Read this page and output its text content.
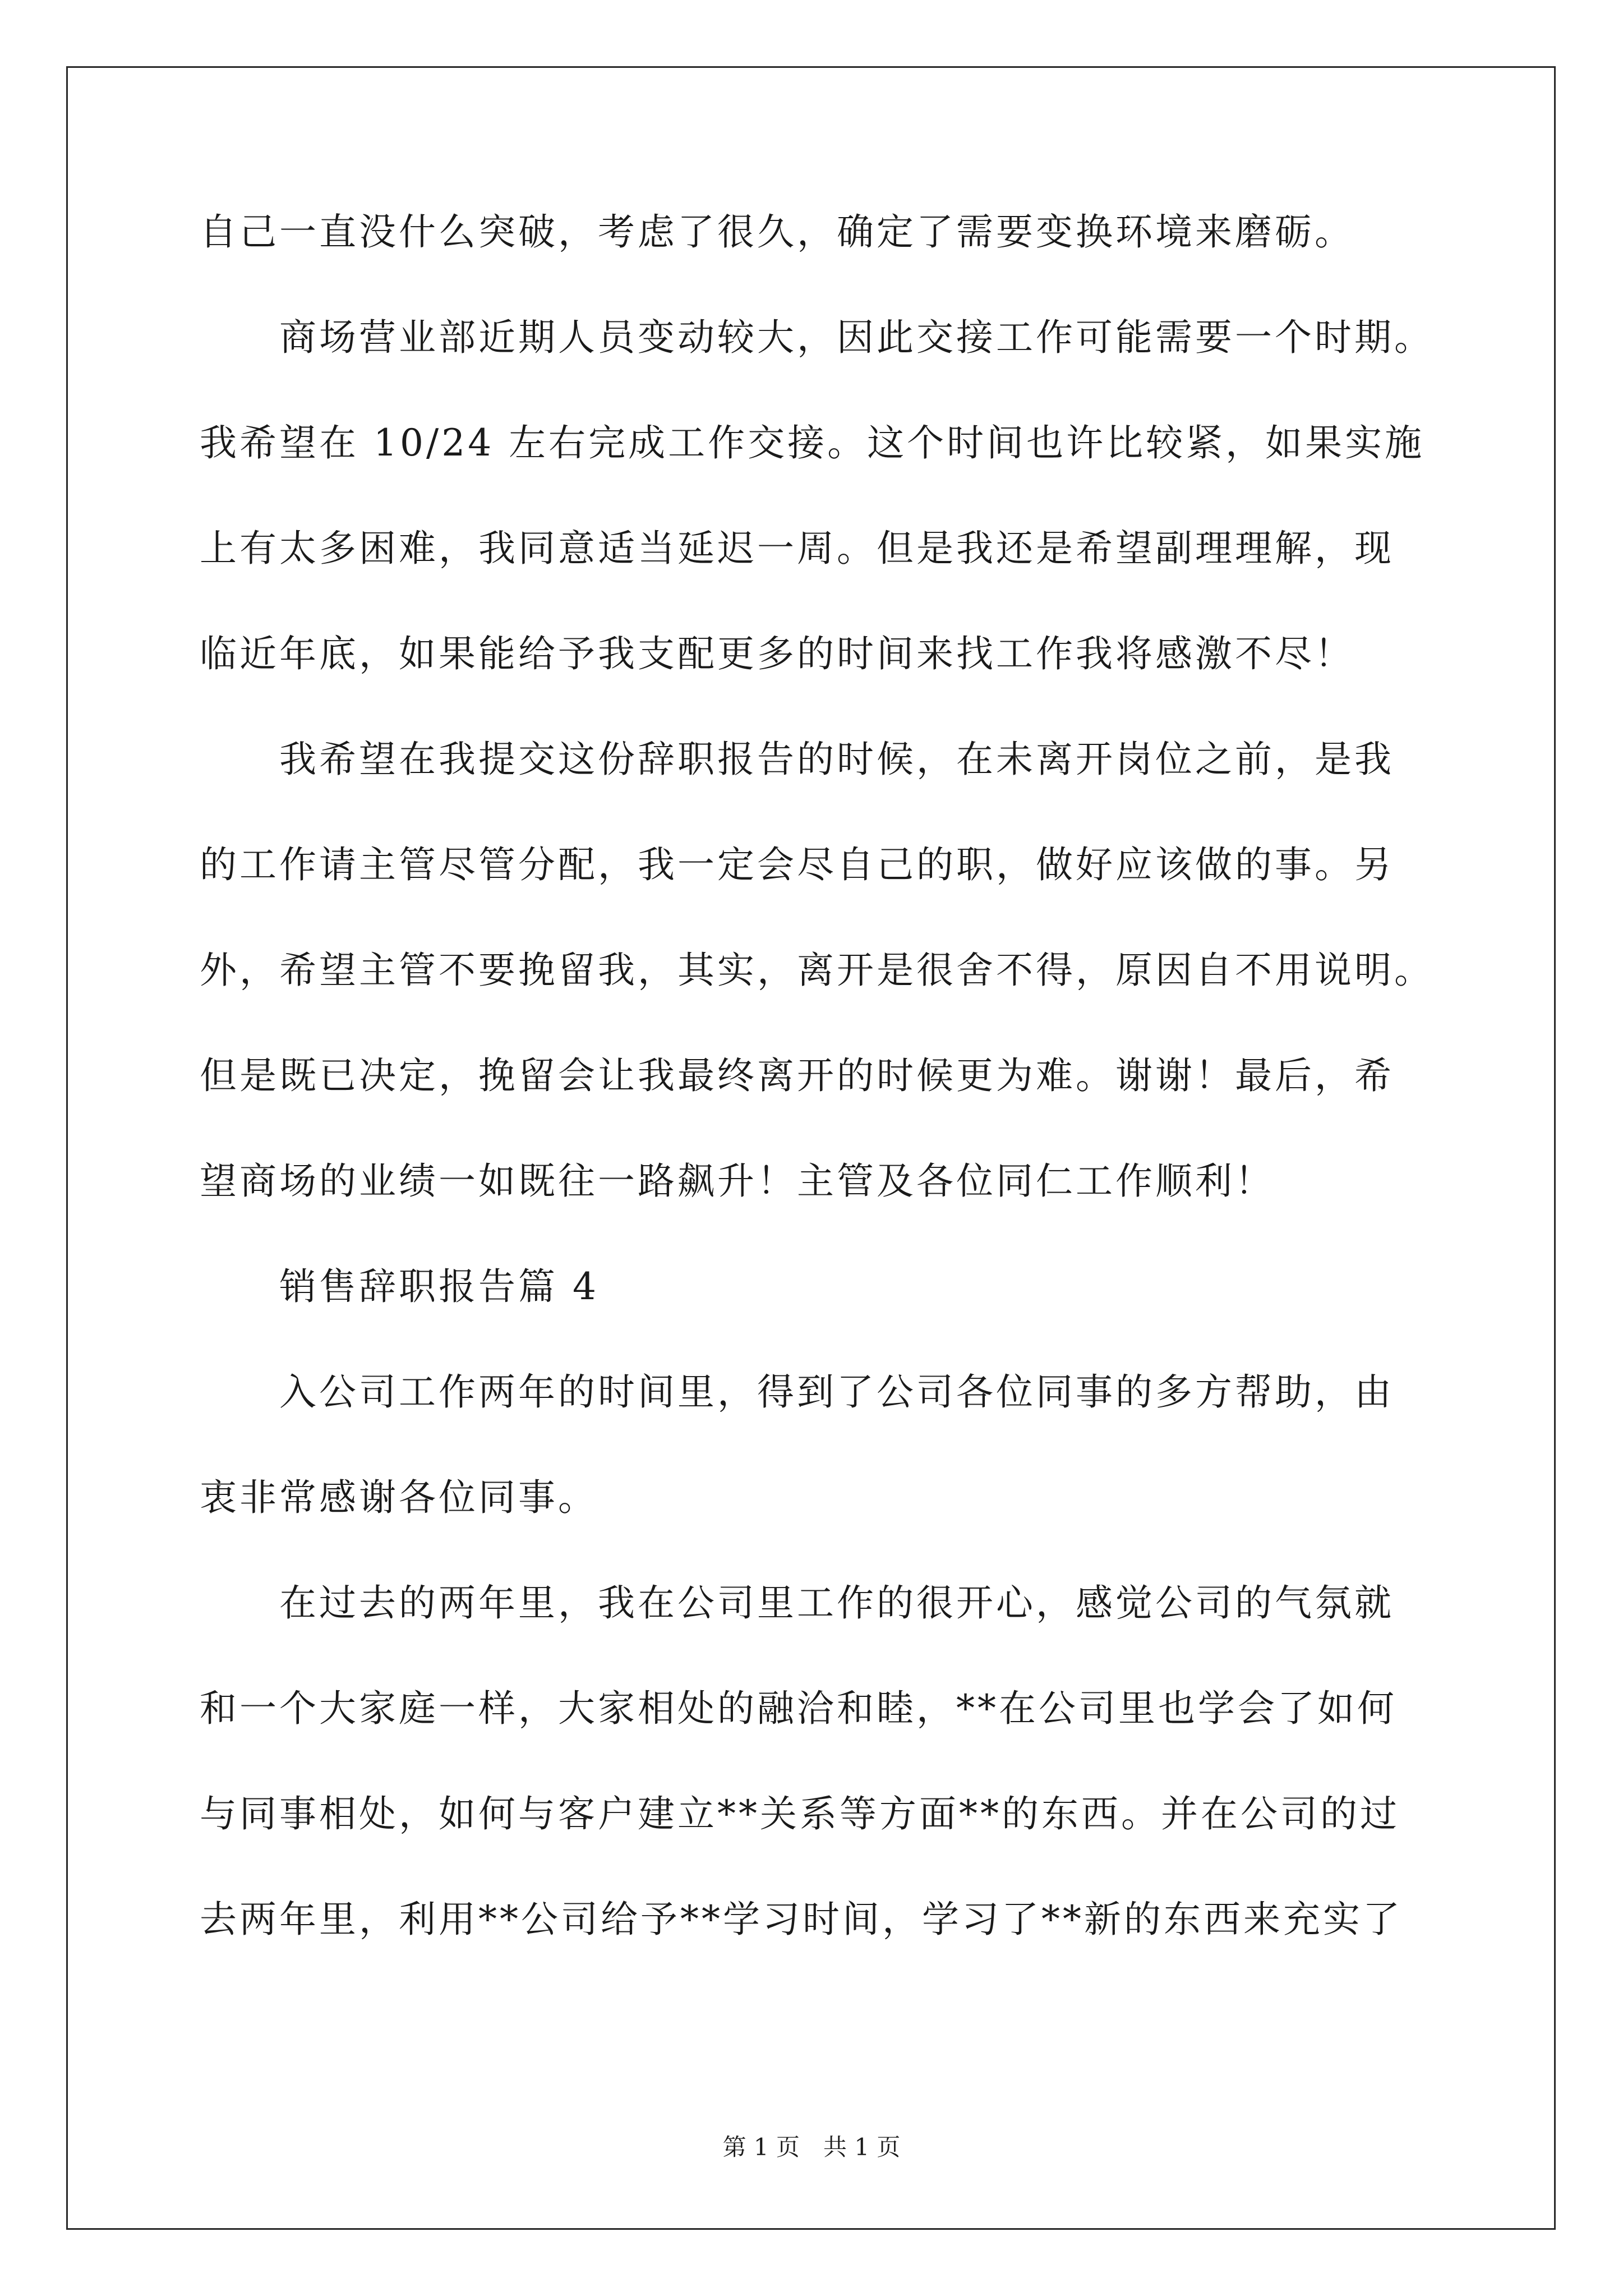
自己一直没什么突破，考虑了很久，确定了需要变换环境来磨砺。
　　商场营业部近期人员变动较大，因此交接工作可能需要一个时期。
我希望在 10/24 左右完成工作交接。这个时间也许比较紧，如果实施
上有太多困难，我同意适当延迟一周。但是我还是希望副理理解，现
临近年底，如果能给予我支配更多的时间来找工作我将感激不尽！
　　我希望在我提交这份辞职报告的时候，在未离开岗位之前，是我
的工作请主管尽管分配，我一定会尽自己的职，做好应该做的事。另
外，希望主管不要挽留我，其实，离开是很舍不得，原因自不用说明。
但是既已决定，挽留会让我最终离开的时候更为难。谢谢！最后，希
望商场的业绩一如既往一路飙升！主管及各位同仁工作顺利！
　　销售辞职报告篇 4
　　入公司工作两年的时间里，得到了公司各位同事的多方帮助，由
衷非常感谢各位同事。
　　在过去的两年里，我在公司里工作的很开心，感觉公司的气氛就
和一个大家庭一样，大家相处的融洽和睦，**在公司里也学会了如何
与同事相处，如何与客户建立**关系等方面**的东西。并在公司的过
去两年里，利用**公司给予**学习时间，学习了**新的东西来充实了
第 1 页　共 1 页
